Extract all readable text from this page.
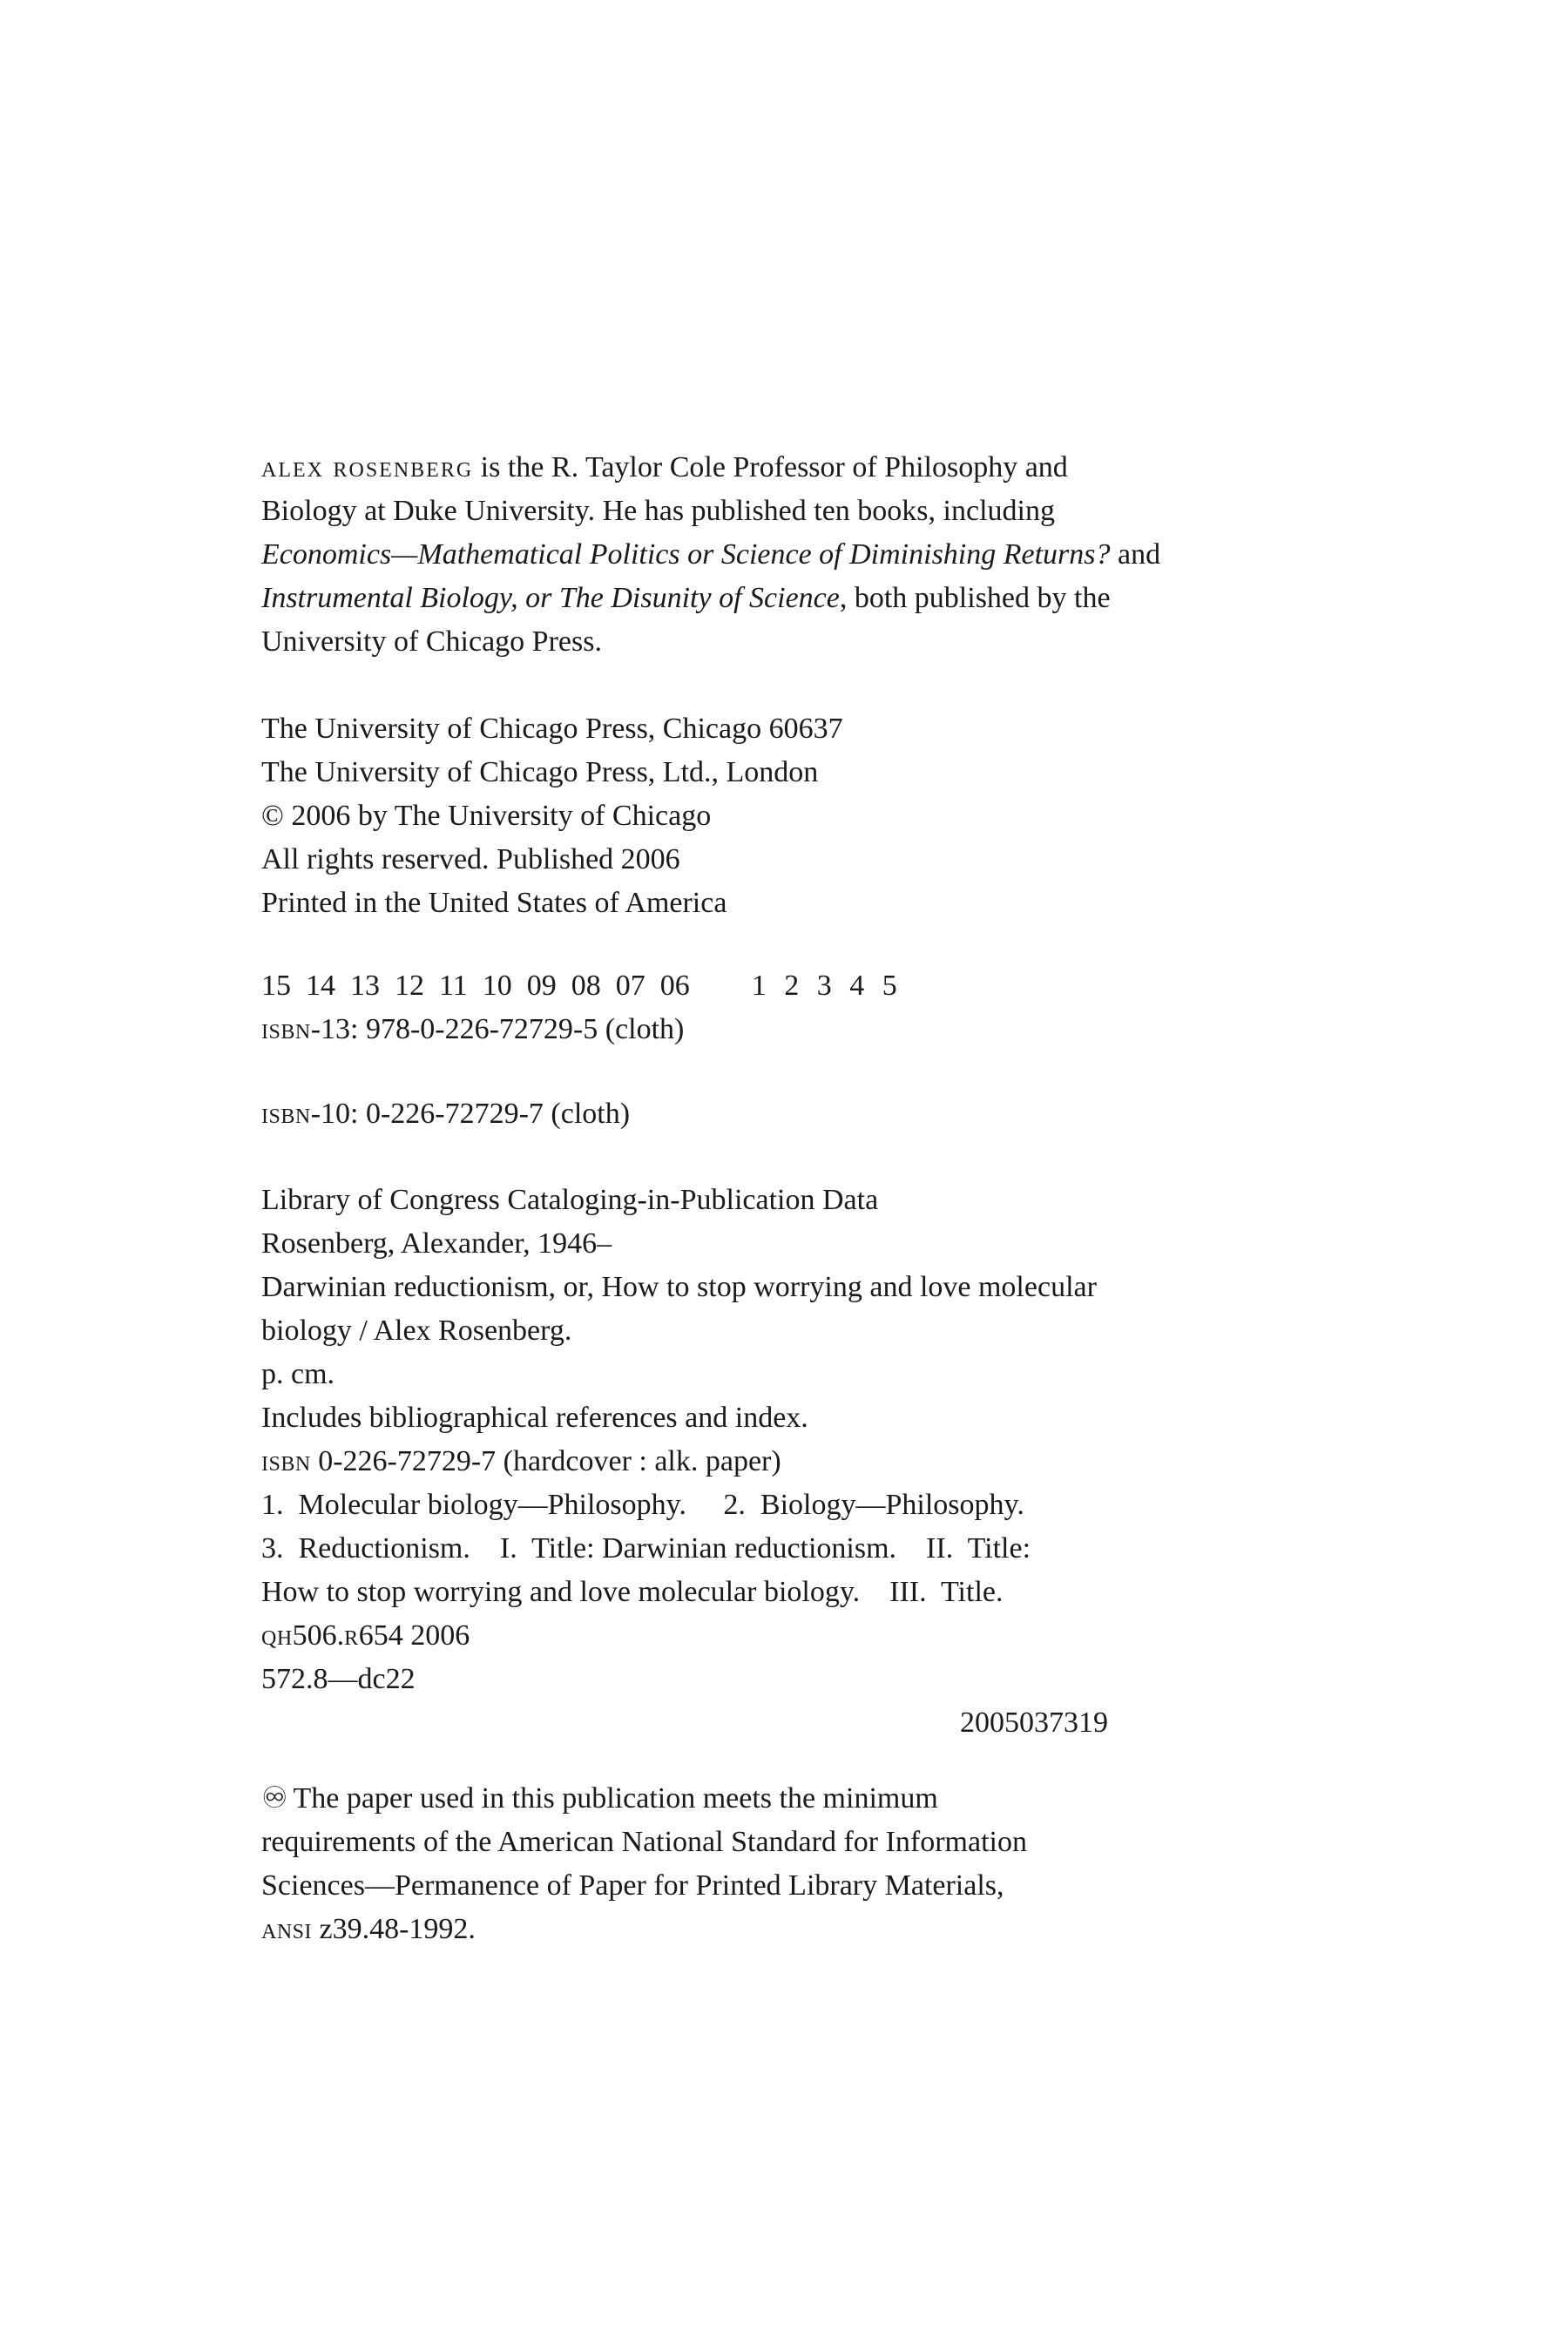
alex rosenberg is the R. Taylor Cole Professor of Philosophy and
Biology at Duke University. He has published ten books, including
Economics—Mathematical Politics or Science of Diminishing Returns? and
Instrumental Biology, or The Disunity of Science, both published by the
University of Chicago Press.
The University of Chicago Press, Chicago 60637
The University of Chicago Press, Ltd., London
© 2006 by The University of Chicago
All rights reserved. Published 2006
Printed in the United States of America
15 14 13 12 11 10 09 08 07 06 1 2 3 4 5
isbn-13: 978-0-226-72729-5 (cloth)
isbn-10: 0-226-72729-7 (cloth)
Library of Congress Cataloging-in-Publication Data
Rosenberg, Alexander, 1946–
Darwinian reductionism, or, How to stop worrying and love molecular
biology / Alex Rosenberg.
p. cm.
Includes bibliographical references and index.
isbn 0-226-72729-7 (hardcover : alk. paper)
1.  Molecular biology—Philosophy.     2.  Biology—Philosophy.
3.  Reductionism.    I.  Title: Darwinian reductionism.    II.  Title:
How to stop worrying and love molecular biology.    III.  Title.
qh506.r654 2006
572.8—dc22
2005037319
♾ The paper used in this publication meets the minimum
requirements of the American National Standard for Information
Sciences—Permanence of Paper for Printed Library Materials,
ansi z39.48-1992.
